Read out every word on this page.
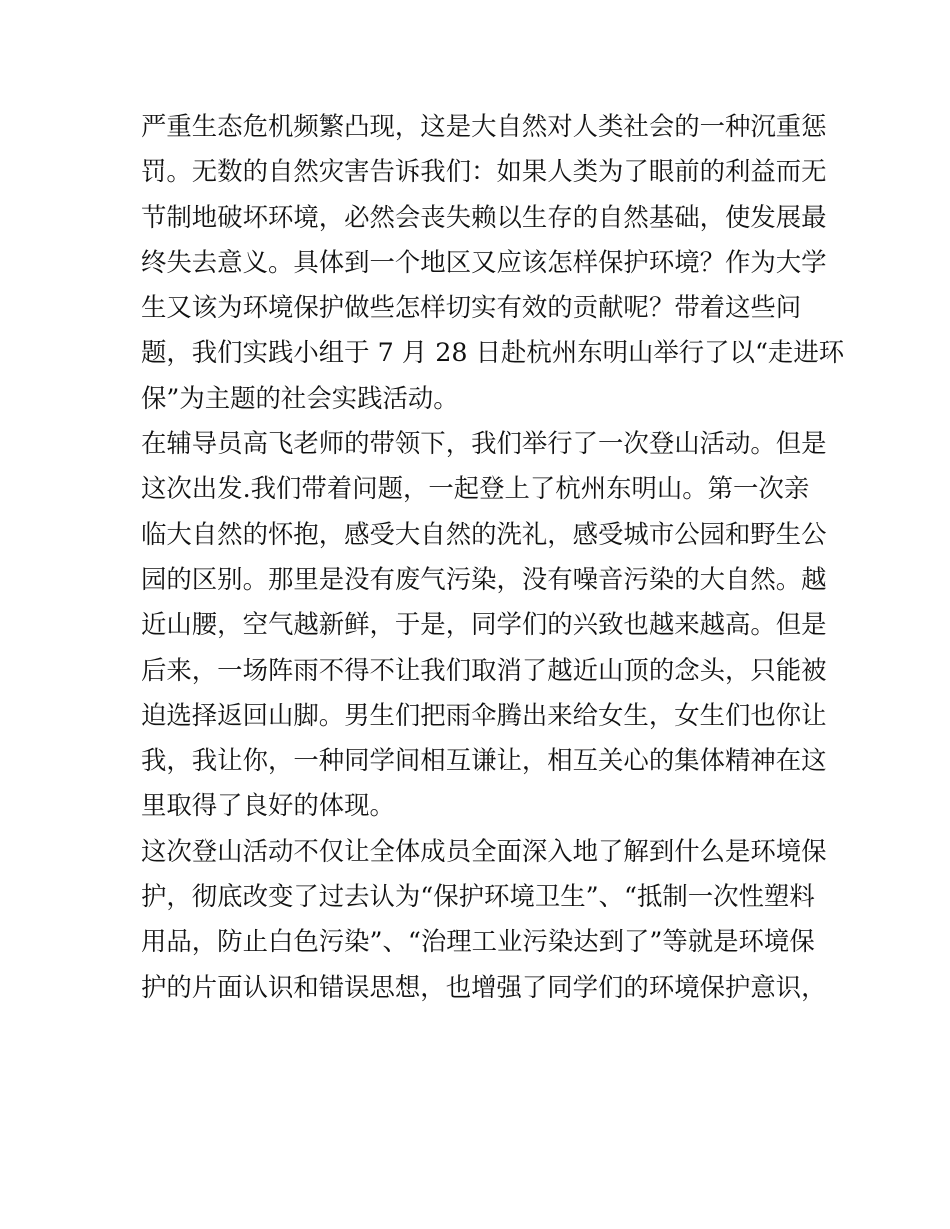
严重生态危机频繁凸现，这是大自然对人类社会的一种沉重惩
罚。无数的自然灾害告诉我们：如果人类为了眼前的利益而无
节制地破坏环境，必然会丧失赖以生存的自然基础，使发展最
终失去意义。具体到一个地区又应该怎样保护环境？作为大学
生又该为环境保护做些怎样切实有效的贡献呢？带着这些问
题，我们实践小组于 7 月 28 日赴杭州东明山举行了以“走进环
保”为主题的社会实践活动。
在辅导员高飞老师的带领下，我们举行了一次登山活动。但是
这次出发.我们带着问题，一起登上了杭州东明山。第一次亲
临大自然的怀抱，感受大自然的洗礼，感受城市公园和野生公
园的区别。那里是没有废气污染，没有噪音污染的大自然。越
近山腰，空气越新鲜，于是，同学们的兴致也越来越高。但是
后来，一场阵雨不得不让我们取消了越近山顶的念头，只能被
迫选择返回山脚。男生们把雨伞腾出来给女生，女生们也你让
我，我让你，一种同学间相互谦让，相互关心的集体精神在这
里取得了良好的体现。
这次登山活动不仅让全体成员全面深入地了解到什么是环境保
护，彻底改变了过去认为“保护环境卫生”、“抵制一次性塑料
用品，防止白色污染”、“治理工业污染达到了”等就是环境保
护的片面认识和错误思想，也增强了同学们的环境保护意识，
